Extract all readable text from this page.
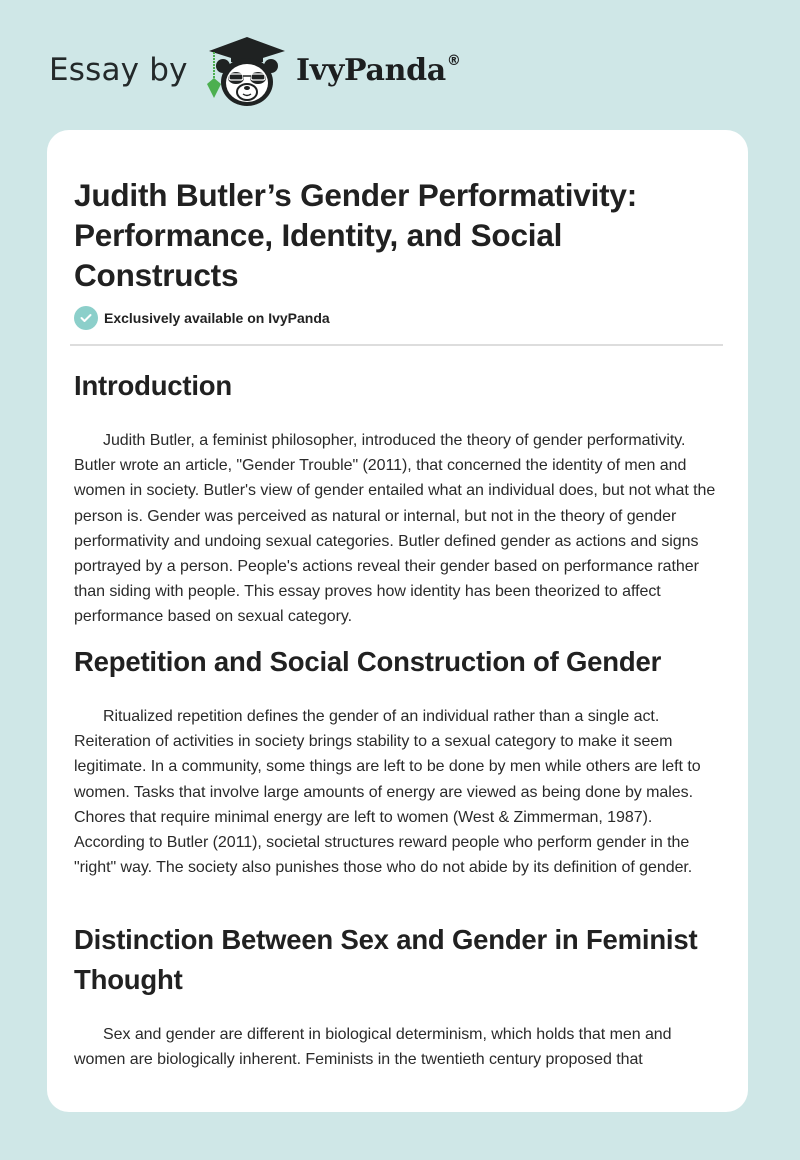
Essay by	IvyPanda®
Judith Butler’s Gender Performativity: Performance, Identity, and Social Constructs
Exclusively available on IvyPanda
Introduction

Judith Butler, a feminist philosopher, introduced the theory of gender performativity. Butler wrote an article, "Gender Trouble" (2011), that concerned the identity of men and women in society. Butler's view of gender entailed what an individual does, but not what the person is. Gender was perceived as natural or internal, but not in the theory of gender performativity and undoing sexual categories. Butler defined gender as actions and signs portrayed by a person. People's actions reveal their gender based on performance rather than siding with people. This essay proves how identity has been theorized to affect performance based on sexual category.

Repetition and Social Construction of Gender

Ritualized repetition defines the gender of an individual rather than a single act. Reiteration of activities in society brings stability to a sexual category to make it seem legitimate. In a community, some things are left to be done by men while others are left to women. Tasks that involve large amounts of energy are viewed as being done by males. Chores that require minimal energy are left to women (West & Zimmerman, 1987). According to Butler (2011), societal structures reward people who perform gender in the "right" way. The society also punishes those who do not abide by its definition of gender.

Distinction Between Sex and Gender in Feminist Thought

Sex and gender are different in biological determinism, which holds that men and women are biologically inherent. Feminists in the twentieth century proposed that
